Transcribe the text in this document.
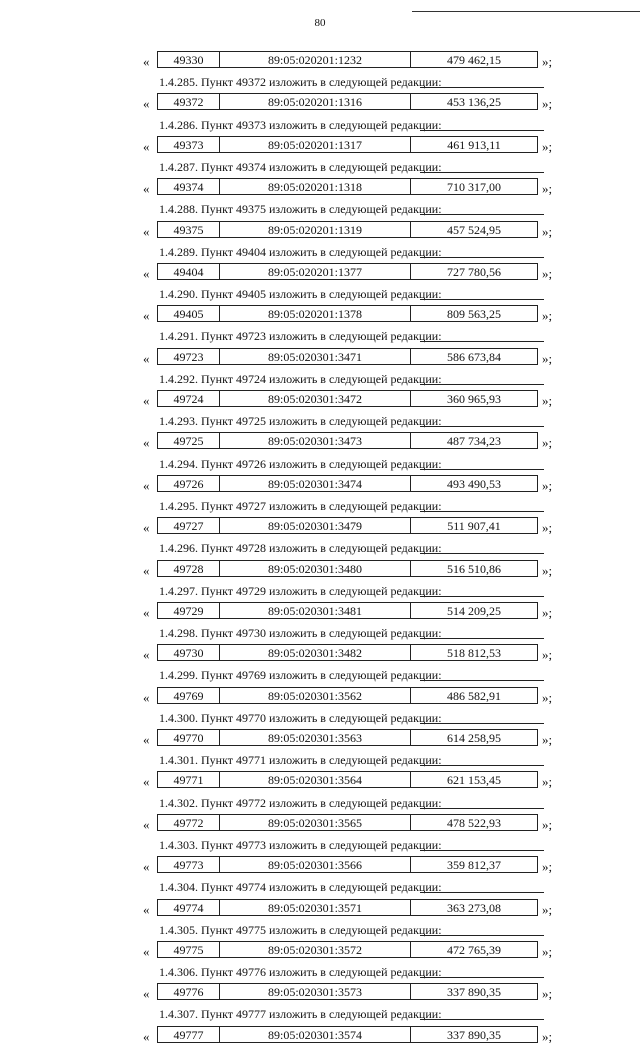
80
«	49330	89:05:020201:1232	479 462,15	»;
1.4.285. Пункт 49372 изложить в следующей редакции:
«	49372	89:05:020201:1316	453 136,25	»;
1.4.286. Пункт 49373 изложить в следующей редакции:
«	49373	89:05:020201:1317	461 913,11	»;
1.4.287. Пункт 49374 изложить в следующей редакции:
«	49374	89:05:020201:1318	710 317,00	»;
1.4.288. Пункт 49375 изложить в следующей редакции:
«	49375	89:05:020201:1319	457 524,95	»;
1.4.289. Пункт 49404 изложить в следующей редакции:
«	49404	89:05:020201:1377	727 780,56	»;
1.4.290. Пункт 49405 изложить в следующей редакции:
«	49405	89:05:020201:1378	809 563,25	»;
1.4.291. Пункт 49723 изложить в следующей редакции:
«	49723	89:05:020301:3471	586 673,84	»;
1.4.292. Пункт 49724 изложить в следующей редакции:
«	49724	89:05:020301:3472	360 965,93	»;
1.4.293. Пункт 49725 изложить в следующей редакции:
«	49725	89:05:020301:3473	487 734,23	»;
1.4.294. Пункт 49726 изложить в следующей редакции:
«	49726	89:05:020301:3474	493 490,53	»;
1.4.295. Пункт 49727 изложить в следующей редакции:
«	49727	89:05:020301:3479	511 907,41	»;
1.4.296. Пункт 49728 изложить в следующей редакции:
«	49728	89:05:020301:3480	516 510,86	»;
1.4.297. Пункт 49729 изложить в следующей редакции:
«	49729	89:05:020301:3481	514 209,25	»;
1.4.298. Пункт 49730 изложить в следующей редакции:
«	49730	89:05:020301:3482	518 812,53	»;
1.4.299. Пункт 49769 изложить в следующей редакции:
«	49769	89:05:020301:3562	486 582,91	»;
1.4.300. Пункт 49770 изложить в следующей редакции:
«	49770	89:05:020301:3563	614 258,95	»;
1.4.301. Пункт 49771 изложить в следующей редакции:
«	49771	89:05:020301:3564	621 153,45	»;
1.4.302. Пункт 49772 изложить в следующей редакции:
«	49772	89:05:020301:3565	478 522,93	»;
1.4.303. Пункт 49773 изложить в следующей редакции:
«	49773	89:05:020301:3566	359 812,37	»;
1.4.304. Пункт 49774 изложить в следующей редакции:
«	49774	89:05:020301:3571	363 273,08	»;
1.4.305. Пункт 49775 изложить в следующей редакции:
«	49775	89:05:020301:3572	472 765,39	»;
1.4.306. Пункт 49776 изложить в следующей редакции:
«	49776	89:05:020301:3573	337 890,35	»;
1.4.307. Пункт 49777 изложить в следующей редакции:
«	49777	89:05:020301:3574	337 890,35	»;
